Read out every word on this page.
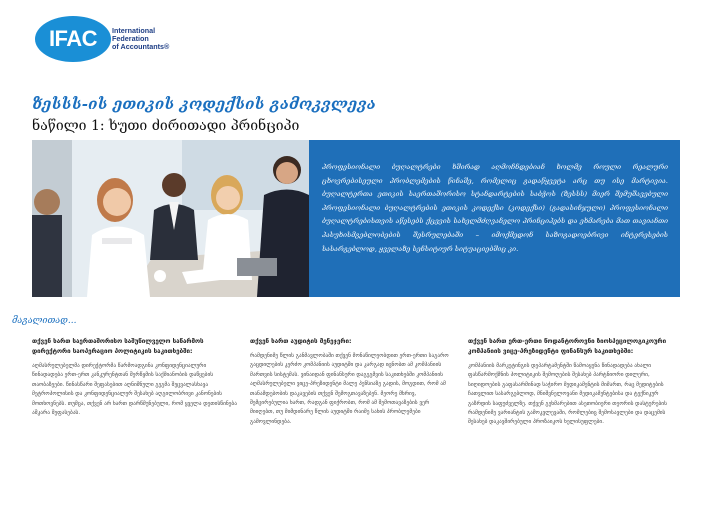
IFAC	International
Federation
of Accountants®
ზესსს-ის ეთიკის კოდექსის გამოკვლევა
ნაწილი 1: ხუთი ძირითადი პრინციპი
პროფესიონალი ბუღალტრები ხშირად აღმოჩნდებიან ხოლმე როული რეალური ცხოვრებისეული პრობლემების წინაშე, რომელიც გადაწყვეტა არც თუ ისე მარტივია. ბუღალტერთა ეთიკის საერთაშორისო სტანდარტების საბჭოს (ზესსს) მიერ შემუშავებული პროფესიონალი ბუღალტრების ეთიკის კოდექსი (კოდექსი) (გადასინჯული) პროფესიონალი ბუღალტრებისთვის აწესებს ქცევის სახელმძღვანელო პრინციპებს და ეხმარება მათ თავიანთი პასუხისმგებლობების შესრულებაში – იმოქმედონ საზოგადოებრივი ინტერესების სასარგებლოდ, ყველაზე სენსიტიურ სიტუაციებშიც კი.
მაგალითად...
თქვენ ხართ საერთაშორისო საშუწილველო საწარმოს დირექტორი საოპერაციო პოლიტიკის საკითხებში:

აღმასრულებელმა დირექტორმა წარმოადგინა კონფიდენციალური წინადადება ერთ-ერთ კანკურენტთან შერწყმის საქმიანობის დაწყების თაობაზეები. წინასწარი შეფასებით აღნიშნული გეგმა შეცვალასხავა მეტროპოლისის და კონფიდენციალურ შესახებ აღგილობრივი კანონების მოთხოვნებს. თუმცა, თქვენ არ ხართ დარწმუნებული, რომ ყველა დეთისწინება აშკარა შეფასებას.

თქვენ ხართ აუდიტის მენეჯერი:

რამდენიმე წლის განმავლობაში თქვენ მონაწილეობდით ერთ-ერთი საგარო გაცდილების კერძო კომპანიის აუდიტში და კარგად იცნობთ ამ კომპანიის მართვის სისტემას. ვინაიდან ფინანსური დაგეგმვის საკითხებში კომპანიის აღმასრულებელი ვიცე-პრეზიდენტი მალე პენსიაზე გადის, მოგდით, რომ ამ თანამდებობის დაკავების თქვენ შემოგთავაზებენ. მეორე მხრივ, შემცირებულია ხართ, რადგან ფიქრობთ, რომ ამ შემოთავაზების ვერ მიიღებთ, თუ მიმდინარე წლის აუდიტში რაიმე სახის პრობლემები გამოვლინდება.

თქვენ ხართ ერთ-ერთი წოდანტოროვნი ზიოსპეცილოგიკოური კომპანიის ვიცე-პრეზიდენტი ფინანსურ საკითხებში:

კომპანიის მარკეტინგის დეპარტამენტში წამოაყენა წინადადება ახალი ფასწარმოქმნის პოლიტიკის შემოღების შესახებ პარტნიორი დილერი, სიღიდოების გაფასარმინად საჭირო მედიკამენტის მიმართ, რაც მედიტების ჩათვლით სასარგებლოდ, მნიშვნელოვანი მედიკამენტებისა და ტექნიკურ გაზრდის საფუძველზე. თქვენ გეხმარებით ასეთობიერი თეორის დასტურების რამდენიმე ვარიანტის გამოკვლევაში, რომლებიც შემოსავლები და დაცემის შესახებ დაკავშირებული პროზაიკოს ხელისუფლები.
